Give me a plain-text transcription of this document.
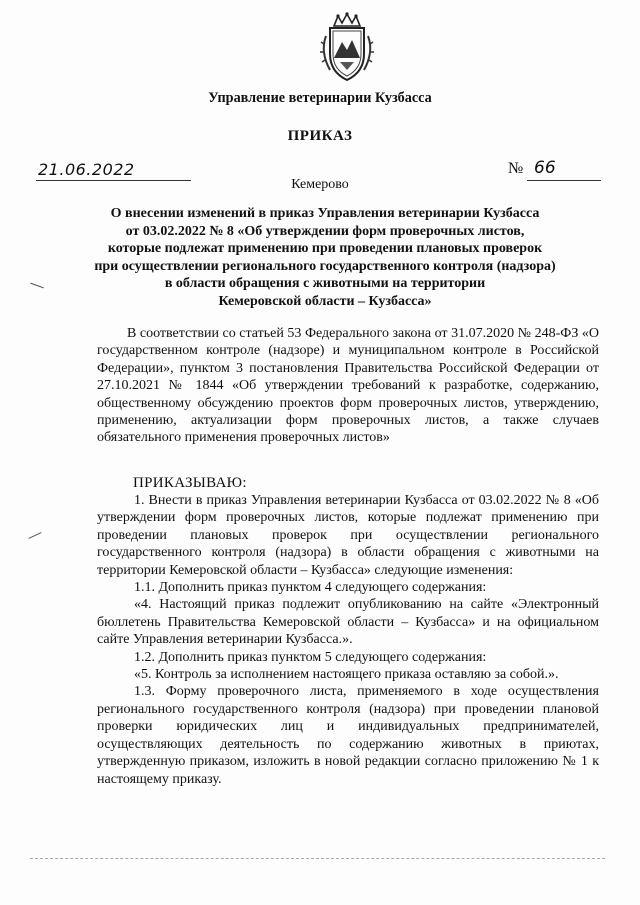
Управление ветеринарии Кузбасса
ПРИКАЗ
21.06.2022	№ 66
Кемерово
О внесении изменений в приказ Управления ветеринарии Кузбасса
от 03.02.2022 № 8 «Об утверждении форм проверочных листов,
которые подлежат применению при проведении плановых проверок
при осуществлении регионального государственного контроля (надзора)
в области обращения с животными на территории
Кемеровской области – Кузбасса»

В соответствии со статьей 53 Федерального закона от 31.07.2020 № 248-ФЗ «О государственном контроле (надзоре) и муниципальном контроле в Российской Федерации», пунктом 3 постановления Правительства Российской Федерации от 27.10.2021 № 1844 «Об утверждении требований к разработке, содержанию, общественному обсуждению проектов форм проверочных листов, утверждению, применению, актуализации форм проверочных листов, а также случаев обязательного применения проверочных листов»

ПРИКАЗЫВАЮ:

1. Внести в приказ Управления ветеринарии Кузбасса от 03.02.2022 № 8 «Об утверждении форм проверочных листов, которые подлежат применению при проведении плановых проверок при осуществлении регионального государственного контроля (надзора) в области обращения с животными на территории Кемеровской области – Кузбасса» следующие изменения:

1.1. Дополнить приказ пунктом 4 следующего содержания:

«4. Настоящий приказ подлежит опубликованию на сайте «Электронный бюллетень Правительства Кемеровской области – Кузбасса» и на официальном сайте Управления ветеринарии Кузбасса.».

1.2. Дополнить приказ пунктом 5 следующего содержания:

«5. Контроль за исполнением настоящего приказа оставляю за собой.».

1.3. Форму проверочного листа, применяемого в ходе осуществления регионального государственного контроля (надзора) при проведении плановой проверки юридических лиц и индивидуальных предпринимателей, осуществляющих деятельность по содержанию животных в приютах, утвержденную приказом, изложить в новой редакции согласно приложению № 1 к настоящему приказу.
